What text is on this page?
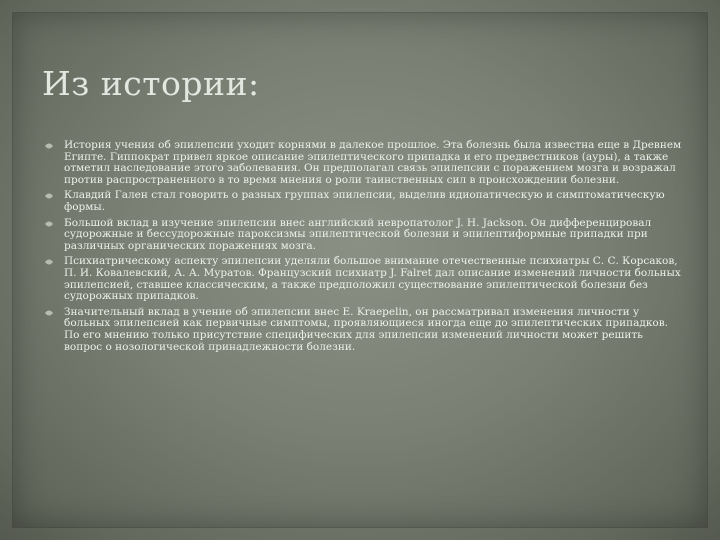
Из истории:
История учения об эпилепсии уходит корнями в далекое прошлое. Эта болезнь была известна еще в Древнем Египте. Гиппократ привел яркое описание эпилептического припадка и его предвестников (ауры), а также отметил наследование этого заболевания. Он предполагал связь эпилепсии с поражением мозга и возражал против распространенного в то время мнения о роли таинственных сил в происхождении болезни.
Клавдий Гален стал говорить о разных группах эпилепсии, выделив идиопатическую и симптоматическую формы.
Большой вклад в изучение эпилепсии внес английский невропатолог J. H. Jackson. Он дифференцировал судорожные и бессудорожные пароксизмы эпилептической болезни и эпилептиформные припадки при различных органических поражениях мозга.
Психиатрическому аспекту эпилепсии уделяли большое внимание отечественные психиатры С. С. Корсаков, П. И. Ковалевский, А. А. Муратов. Французский психиатр J. Falret дал описание изменений личности больных эпилепсией, ставшее классическим, а также предположил существование эпилептической болезни без судорожных припадков.
Значительный вклад в учение об эпилепсии внес E. Kraepelin, он рассматривал изменения личности у больных эпилепсией как первичные симптомы, проявляющиеся иногда еще до эпилептических припадков. По его мнению только присутствие специфических для эпилепсии изменений личности может решить вопрос о нозологической принадлежности болезни.
